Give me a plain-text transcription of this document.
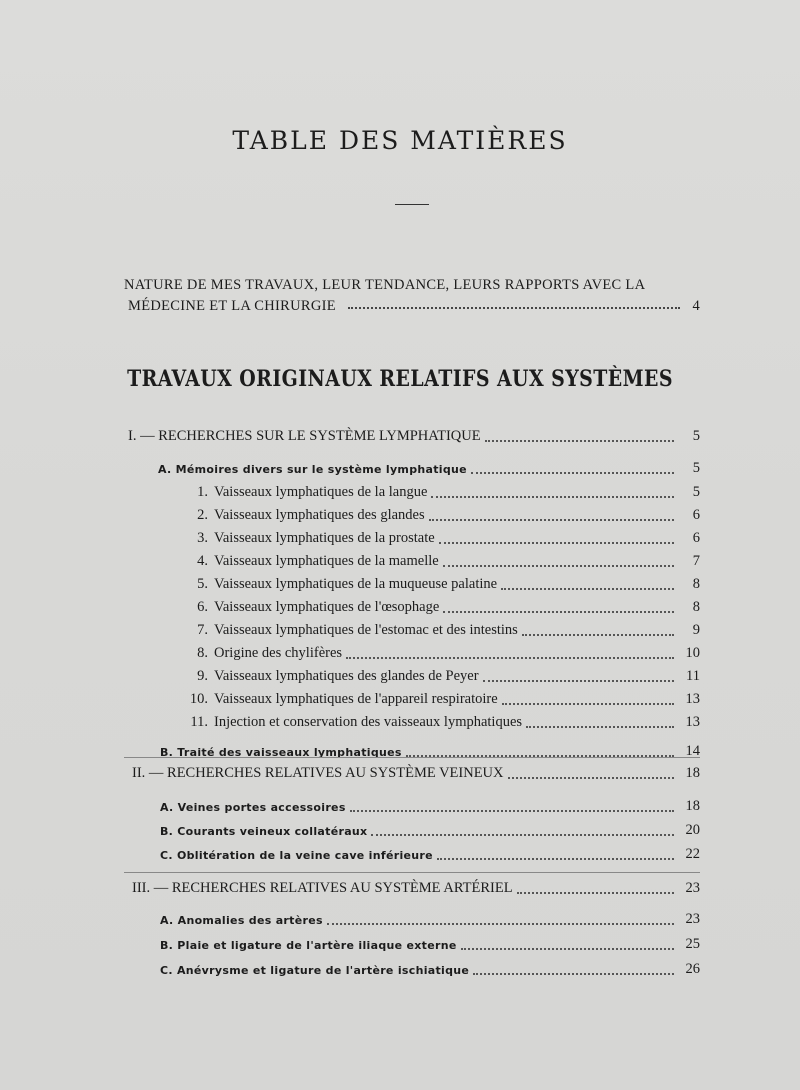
TABLE DES MATIÈRES
NATURE DE MES TRAVAUX, LEUR TENDANCE, LEURS RAPPORTS AVEC LA
MÉDECINE ET LA CHIRURGIE	4
TRAVAUX ORIGINAUX RELATIFS AUX SYSTÈMES
I. — RECHERCHES SUR LE SYSTÈME LYMPHATIQUE	5
A. Mémoires divers sur le système lymphatique	5
1. Vaisseaux lymphatiques de la langue	5
2. Vaisseaux lymphatiques des glandes	6
3. Vaisseaux lymphatiques de la prostate	6
4. Vaisseaux lymphatiques de la mamelle	7
5. Vaisseaux lymphatiques de la muqueuse palatine	8
6. Vaisseaux lymphatiques de l'œsophage	8
7. Vaisseaux lymphatiques de l'estomac et des intestins	9
8. Origine des chylifères	10
9. Vaisseaux lymphatiques des glandes de Peyer	11
10. Vaisseaux lymphatiques de l'appareil respiratoire	13
11. Injection et conservation des vaisseaux lymphatiques	13
B. Traité des vaisseaux lymphatiques	14
II. — RECHERCHES RELATIVES AU SYSTÈME VEINEUX	18
A. Veines portes accessoires	18
B. Courants veineux collatéraux	20
C. Oblitération de la veine cave inférieure	22
III. — RECHERCHES RELATIVES AU SYSTÈME ARTÉRIEL	23
A. Anomalies des artères	23
B. Plaie et ligature de l'artère iliaque externe	25
C. Anévrysme et ligature de l'artère ischiatique	26
